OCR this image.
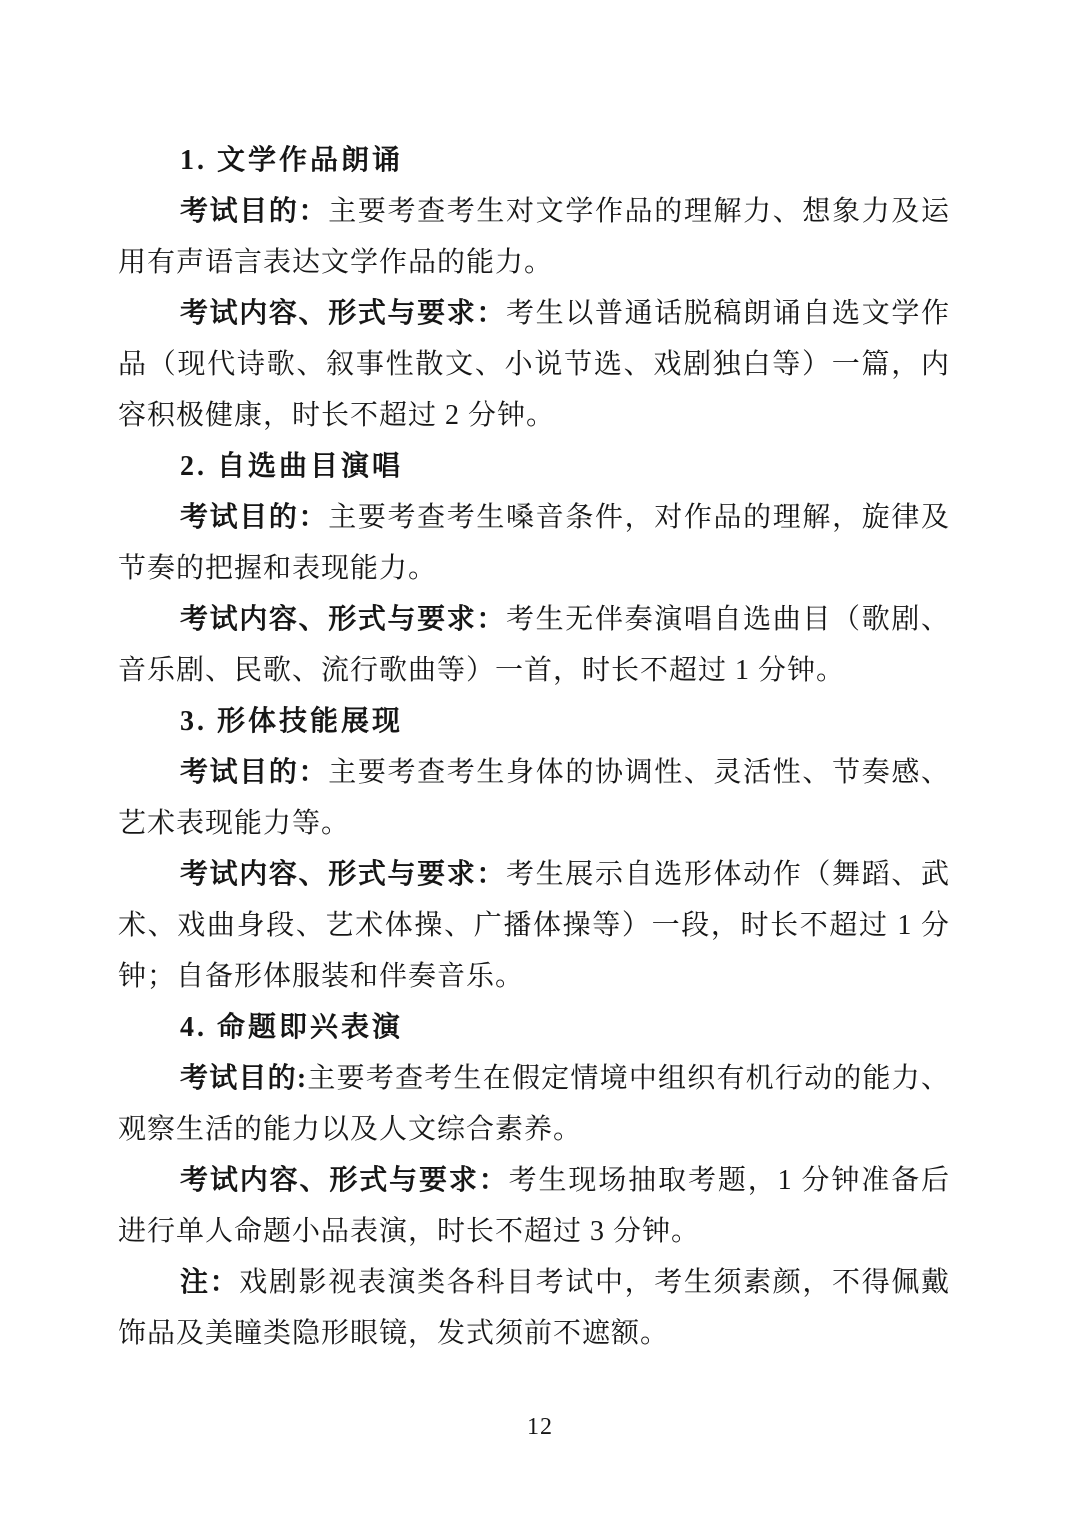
1. 文学作品朗诵
考试目的：主要考查考生对文学作品的理解力、想象力及运
用有声语言表达文学作品的能力。
考试内容、形式与要求：考生以普通话脱稿朗诵自选文学作
品（现代诗歌、叙事性散文、小说节选、戏剧独白等）一篇，内
容积极健康，时长不超过 2 分钟。
2. 自选曲目演唱
考试目的：主要考查考生嗓音条件，对作品的理解，旋律及
节奏的把握和表现能力。
考试内容、形式与要求：考生无伴奏演唱自选曲目（歌剧、
音乐剧、民歌、流行歌曲等）一首，时长不超过 1 分钟。
3. 形体技能展现
考试目的：主要考查考生身体的协调性、灵活性、节奏感、
艺术表现能力等。
考试内容、形式与要求：考生展示自选形体动作（舞蹈、武
术、戏曲身段、艺术体操、广播体操等）一段，时长不超过 1 分
钟；自备形体服装和伴奏音乐。
4. 命题即兴表演
考试目的:主要考查考生在假定情境中组织有机行动的能力、
观察生活的能力以及人文综合素养。
考试内容、形式与要求：考生现场抽取考题，1 分钟准备后
进行单人命题小品表演，时长不超过 3 分钟。
注：戏剧影视表演类各科目考试中，考生须素颜，不得佩戴
饰品及美瞳类隐形眼镜，发式须前不遮额。
12
